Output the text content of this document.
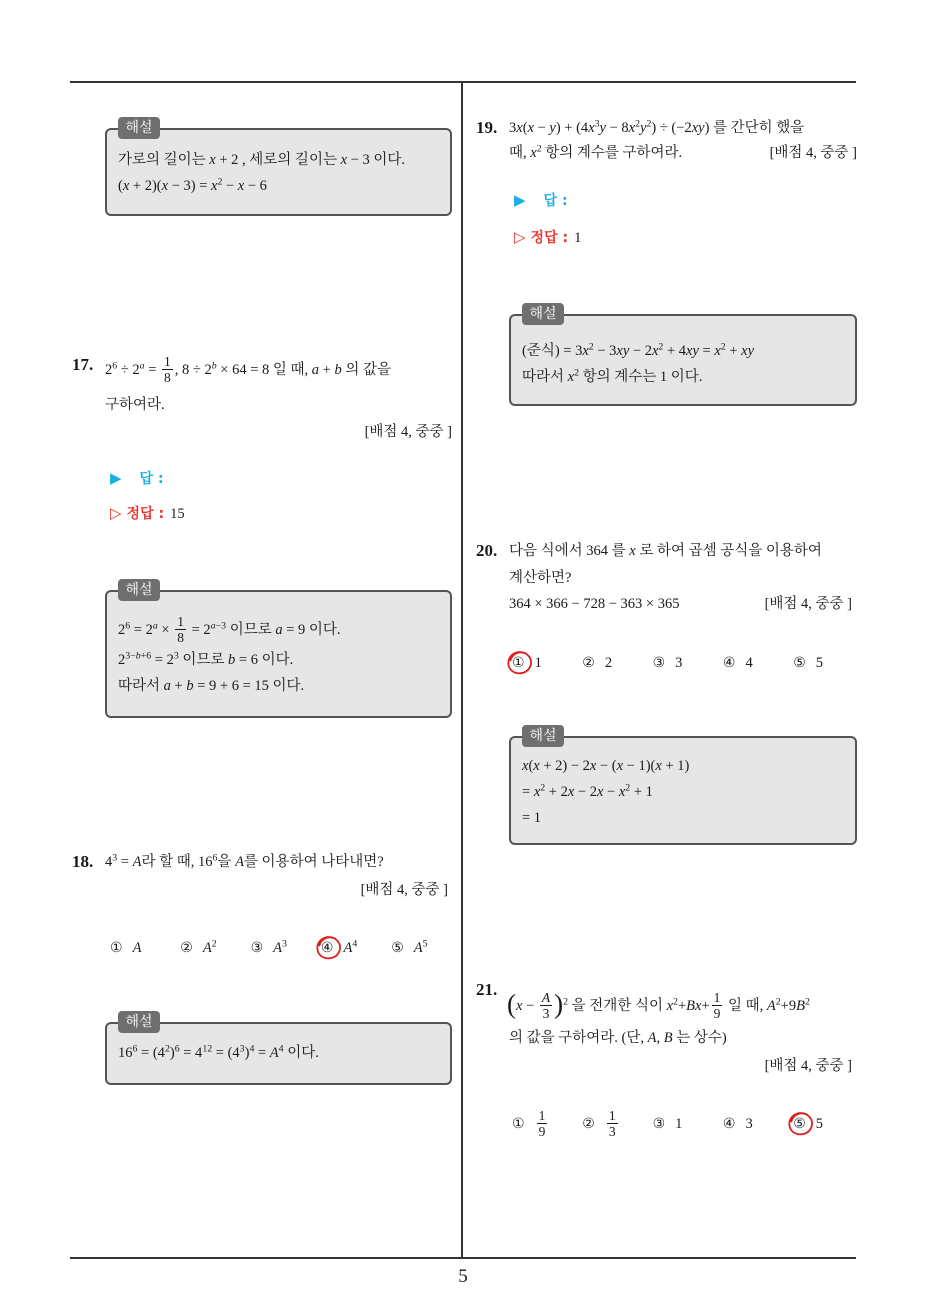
해설
가로의 길이는 x + 2 , 세로의 길이는 x − 3 이다.
$(x + 2)(x - 3) = x^2 - x - 6$
17. $2^6 \div 2^a = \frac{1}{8}$ , $8 \div 2^b \times 64 = 8$ 일 때, a + b 의 값을
구하여라.
[배점 4, 중중 ]
▶ 답 :
▷ 정답 : 15
해설
$2^6 = 2^a \times \frac{1}{8} = 2^{a-3}$ 이므로 a = 9 이다.
$2^{3-b+6} = 2^3$ 이므로 b = 6 이다.
따라서 a + b = 9 + 6 = 15 이다.
18. $4^3 = A$라 할 때, $16^6$을 A를 이용하여 나타내면?
[배점 4, 중중 ]
① A	② $A^2$ ③ $A^3$ ④ $A^4$ ⑤ $A^5$
해설
$16^6 = (4^2)^6 = 4^{12} = (4^3)^4 = A^4$ 이다.
19. $3x(x - y) + (4x^3y - 8x^2y^2) \div (-2xy)$ 를 간단히 했을
때, $x^2$ 항의 계수를 구하여라.	[배점 4, 중중 ]
▶ 답 :
▷ 정답 : 1
해설
(준식) = $3x^2 - 3xy - 2x^2 + 4xy = x^2$ + xy
따라서 $x^2$ 항의 계수는 1 이다.
20. 다음 식에서 364 를 x 로 하여 곱셈 공식을 이용하여
계산하면?
364 × 366 − 728 − 363 × 365	[배점 4, 중중 ]
① 1	② 2	③ 3	④ 4	⑤ 5
해설
x(x + 2) − 2x − (x − 1)(x + 1)
= $x^2 + 2x - 2x - x^2 + 1$
= 1
21. $(x - \frac{A}{3} )^2$ 을 전개한 식이 $x^2+Bx+ \frac{1}{9}$ 일 때, $A^2+9B^2$
의 값을 구하여라. (단, A, B 는 상수)
[배점 4, 중중 ]
① $\frac{1}{9}$ ② $\frac{1}{3}$ ③ 1	④ 3	⑤ 5
5
